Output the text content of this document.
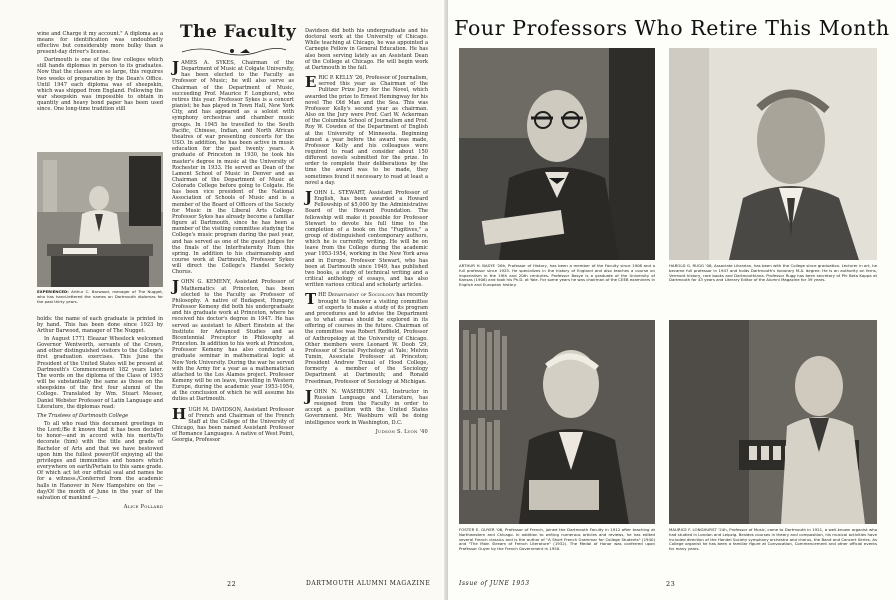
wine and Charge it my account." A diploma as a means for identification was undoubtedly effective but considerably more bulky than a present-day driver's license.

Dartmouth is one of the few colleges which still hands diplomas in person to its graduates. Now that the classes are so large, this requires two weeks of preparation by the Dean's Office. Until 1947 each diploma was of sheepskin, which was shipped from England. Following the war sheepskin was impossible to obtain in quantity and heavy bond paper has been used since. One long-time tradition still

EXPERIENCED: Arthur C. Barwood, manager of The Nugget, who has hand-lettered the names on Dartmouth diplomas for the past thirty years.

holds: the name of each graduate is printed in by hand. This has been done since 1923 by Arthur Barwood, manager of The Nugget.

In August 1771 Eleazar Wheelock welcomed Governor Wentworth, servants of the Crown, and other distinguished visitors to the College's first graduation exercises. This June the President of the United States will be present at Dartmouth's Commencement 182 years later. The words on the diploma of the Class of 1953 will be substantially the same as those on the sheepskins of the first four alumni of the College. Translated by Wm. Stuart Messer, Daniel Webster Professor of Latin Language and Literature, the diplomas read:

The Trustees of Dartmouth College

To all who read this document greetings in the Lord:/Be it known that it has been decided to honor—and in accord with his merits/To decorate (him) with the title and grade of Bachelor of Arts and that we have bestowed upon him the fullest power/Of enjoying all the privileges and immunities and honors which everywhere on earth/Pertain to this same grade. Of which act let our official seal and names be for a witness./Conferred from the academic halls in Hanover in New Hampshire on the — day/Of the month of June in the year of the salvation of mankind —.

Alice Pollard

The Faculty

JAMES A. SYKES, Chairman of the Department of Music at Colgate University, has been elected to the Faculty as Professor of Music; he will also serve as Chairman of the Department of Music, succeeding Prof. Maurice F. Longhurst, who retires this year. Professor Sykes is a concert pianist; he has played in Town Hall, New York City, and has appeared as a soloist with symphony orchestras and chamber music groups. In 1945 he travelled to the South Pacific, Chinese, Indian, and North African theatres of war presenting concerts for the USO. In addition, he has been active in music education for the past twenty years. A graduate of Princeton in 1930, he took his master's degree in music at the University of Rochester in 1933. He served as Dean of the Lamont School of Music in Denver and as Chairman of the Department of Music at Colorado College before going to Colgate. He has been vice president of the National Association of Schools of Music and is a member of the Board of Officers of the Society for Music in the Liberal Arts College. Professor Sykes has already become a familiar figure at Dartmouth, since he has been a member of the visiting committee studying the College's music program during the past year, and has served as one of the guest judges for the finals of the Interfraternity Hum this spring. In addition to his chairmanship and course work at Dartmouth, Professor Sykes will direct the College's Handel Society Chorus.

JOHN G. KEMENY, Assistant Professor of Mathematics at Princeton, has been elected to the Faculty as Professor of Philosophy. A native of Budapest, Hungary, Professor Kemeny did both his undergraduate and his graduate work at Princeton, where he received his doctor's degree in 1947. He has served as assistant to Albert Einstein at the Institute for Advanced Studies and as Bicentennial Preceptor in Philosophy at Princeton. In addition to his work at Princeton, Professor Kemeny has also conducted a graduate seminar in mathematical logic at New York University. During the war he served with the Army for a year as a mathematician attached to the Los Alamos project. Professor Kemeny will be on leave, travelling in Western Europe, during the academic year 1953-1954, at the conclusion of which he will assume his duties at Dartmouth.

HUGH M. DAVIDSON, Assistant Professor of French and Chairman of the French Staff at the College of the University of Chicago, has been named Assistant Professor of Romance Languages. A native of West Point, Georgia, Professor

Davidson did both his undergraduate and his doctoral work at the University of Chicago. While teaching at Chicago, he was appointed a Carnegie Fellow in General Education. He has also been serving lately as an Assistant Dean of the College at Chicago. He will begin work at Dartmouth in the fall.

ERIC P. KELLY '26, Professor of Journalism, served this year as Chairman of the Pulitzer Prize Jury for the Novel, which awarded the prize to Ernest Hemingway for his novel The Old Man and the Sea. This was Professor Kelly's second year as chairman. Also on the Jury were Prof. Carl W. Ackerman of the Columbia School of Journalism and Prof. Roy W. Cowden of the Department of English at the University of Minnesota. Beginning almost a year before the award was made, Professor Kelly and his colleagues were required to read and consider about 150 different novels submitted for the prize. In order to complete their deliberations by the time the award was to be made, they sometimes found it necessary to read at least a novel a day.

JOHN L. STEWART, Assistant Professor of English, has been awarded a Howard Fellowship of $5,000 by the Administrative Board of the Howard Foundation. The fellowship will make it possible for Professor Stewart to devote his full time to the completion of a book on the "Fugitives," a group of distinguished contemporary authors, which he is currently writing. He will be on leave from the College during the academic year 1953-1954, working in the New York area and in Europe. Professor Stewart, who has been at Dartmouth since 1949, has published two books, a study of technical writing and a critical anthology of essays, and has also written various critical and scholarly articles.

THE Department of Sociology has recently brought to Hanover a visiting committee of experts to make a study of its program and procedures and to advise the Department as to what areas should be explored in its offering of courses in the future. Chairman of the committee was Robert Redfield, Professor of Anthropology at the University of Chicago. Other members were Leonard W. Doob '29, Professor of Social Psychology at Yale; Melvin Tumin, Associate Professor at Princeton; President Andrew Truxal of Hood College, formerly a member of the Sociology Department at Dartmouth; and Ronald Freedman, Professor of Sociology at Michigan.

JOHN N. WASHBURN '43, Instructor in Russian Language and Literature, has resigned from the Faculty in order to accept a position with the United States Government. Mr. Washburn will be doing intelligence work in Washington, D.C.

Judson S. Lyon '40

22
Four Professors Who Retire This Month
ARTHUR H. BASYE '26h, Professor of History, has been a member of the Faculty since 1908 and a full professor since 1925. He specializes in the history of England and also teaches a course on imperialism in the 19th and 20th centuries. Professor Basye is a graduate of the University of Kansas (1906) and took his Ph.D. at Yale. For some years he was chairman of the CEEB examiners in English and European history.
HAROLD G. RUGG '06, Associate Librarian, has been with the College since graduation. Lecturer in art, he became full professor in 1947 and holds Dartmouth's honorary M.A. degree. He is an authority on ferns, Vermont history, rare books and Dartmouthiana. Professor Rugg has been secretary of Phi Beta Kappa at Dartmouth for 43 years and Literary Editor of the Alumni Magazine for 39 years.
FOSTER E. GUYER '06, Professor of French, joined the Dartmouth Faculty in 1912 after teaching at Northwestern and Chicago. In addition to writing numerous articles and reviews, he has edited several French classics and is the author of "A Short French Grammar for College Students" (1940) and "The Main Stream of French Literature" (1932). The Medal of Honor was conferred upon Professor Guyer by the French Government in 1950.
MAURICE F. LONGHURST '24h, Professor of Music, came to Dartmouth in 1921, a well-known organist who had studied in London and Leipzig. Besides courses in theory and composition, his musical activities have included direction of the Handel Society symphony orchestra and chorus, the Band and Concert Series. As College organist he has been a familiar figure at Convocation, Commencement and other official events for many years.
Issue of JUNE 1953	23
DARTMOUTH ALUMNI MAGAZINE
